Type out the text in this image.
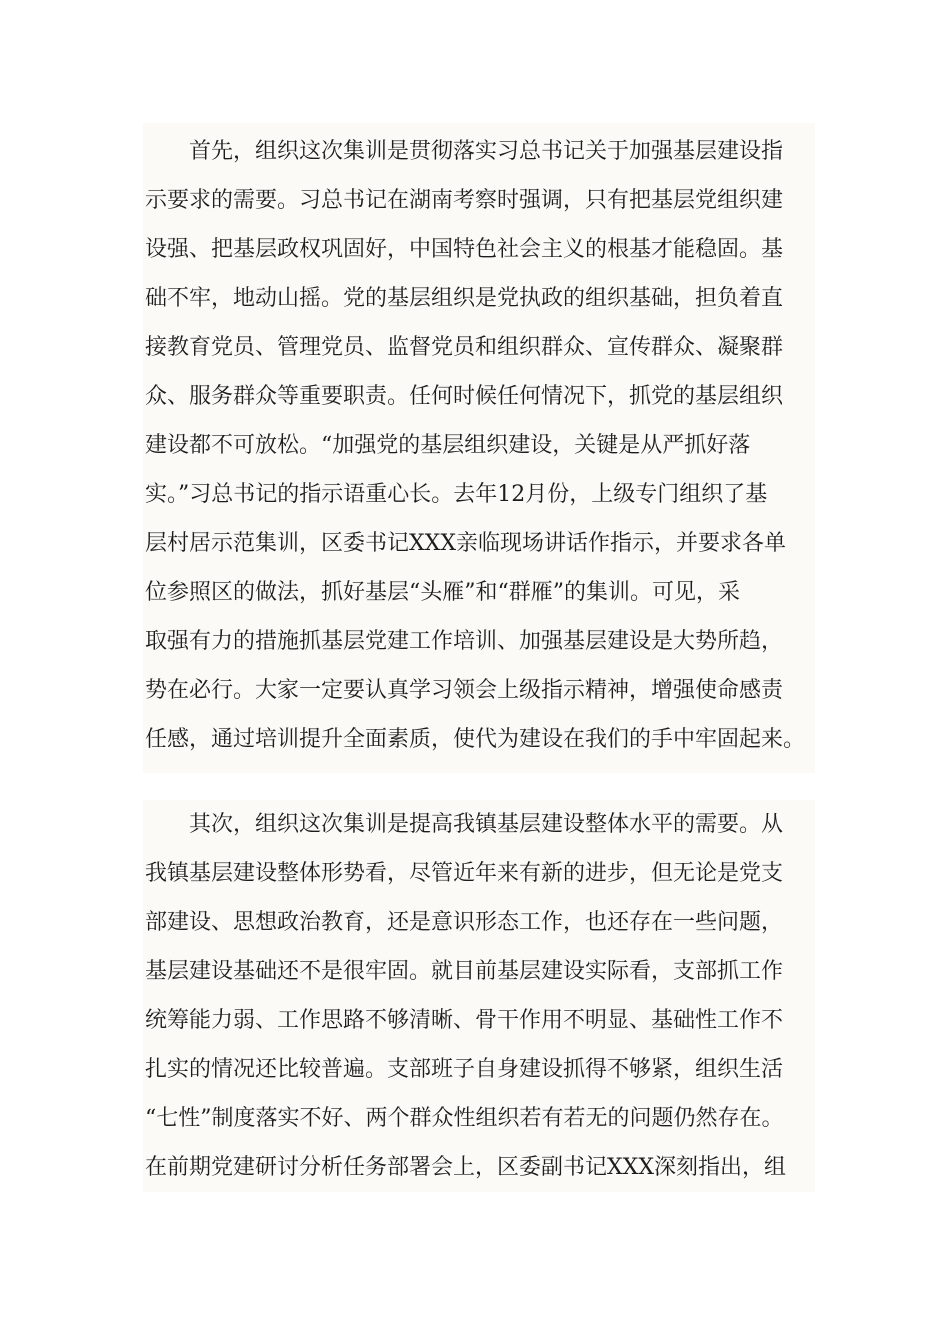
首先，组织这次集训是贯彻落实习总书记关于加强基层建设指
示要求的需要。习总书记在湖南考察时强调，只有把基层党组织建
设强、把基层政权巩固好，中国特色社会主义的根基才能稳固。基
础不牢，地动山摇。党的基层组织是党执政的组织基础，担负着直
接教育党员、管理党员、监督党员和组织群众、宣传群众、凝聚群
众、服务群众等重要职责。任何时候任何情况下，抓党的基层组织
建设都不可放松。“加强党的基层组织建设，关键是从严抓好落
实。”习总书记的指示语重心长。去年12月份，上级专门组织了基
层村居示范集训，区委书记XXX亲临现场讲话作指示，并要求各单
位参照区的做法，抓好基层“头雁”和“群雁”的集训。可见，采
取强有力的措施抓基层党建工作培训、加强基层建设是大势所趋，
势在必行。大家一定要认真学习领会上级指示精神，增强使命感责
任感，通过培训提升全面素质，使代为建设在我们的手中牢固起来。
其次，组织这次集训是提高我镇基层建设整体水平的需要。从
我镇基层建设整体形势看，尽管近年来有新的进步，但无论是党支
部建设、思想政治教育，还是意识形态工作，也还存在一些问题，
基层建设基础还不是很牢固。就目前基层建设实际看，支部抓工作
统筹能力弱、工作思路不够清晰、骨干作用不明显、基础性工作不
扎实的情况还比较普遍。支部班子自身建设抓得不够紧，组织生活
“七性”制度落实不好、两个群众性组织若有若无的问题仍然存在。
在前期党建研讨分析任务部署会上，区委副书记XXX深刻指出，组
